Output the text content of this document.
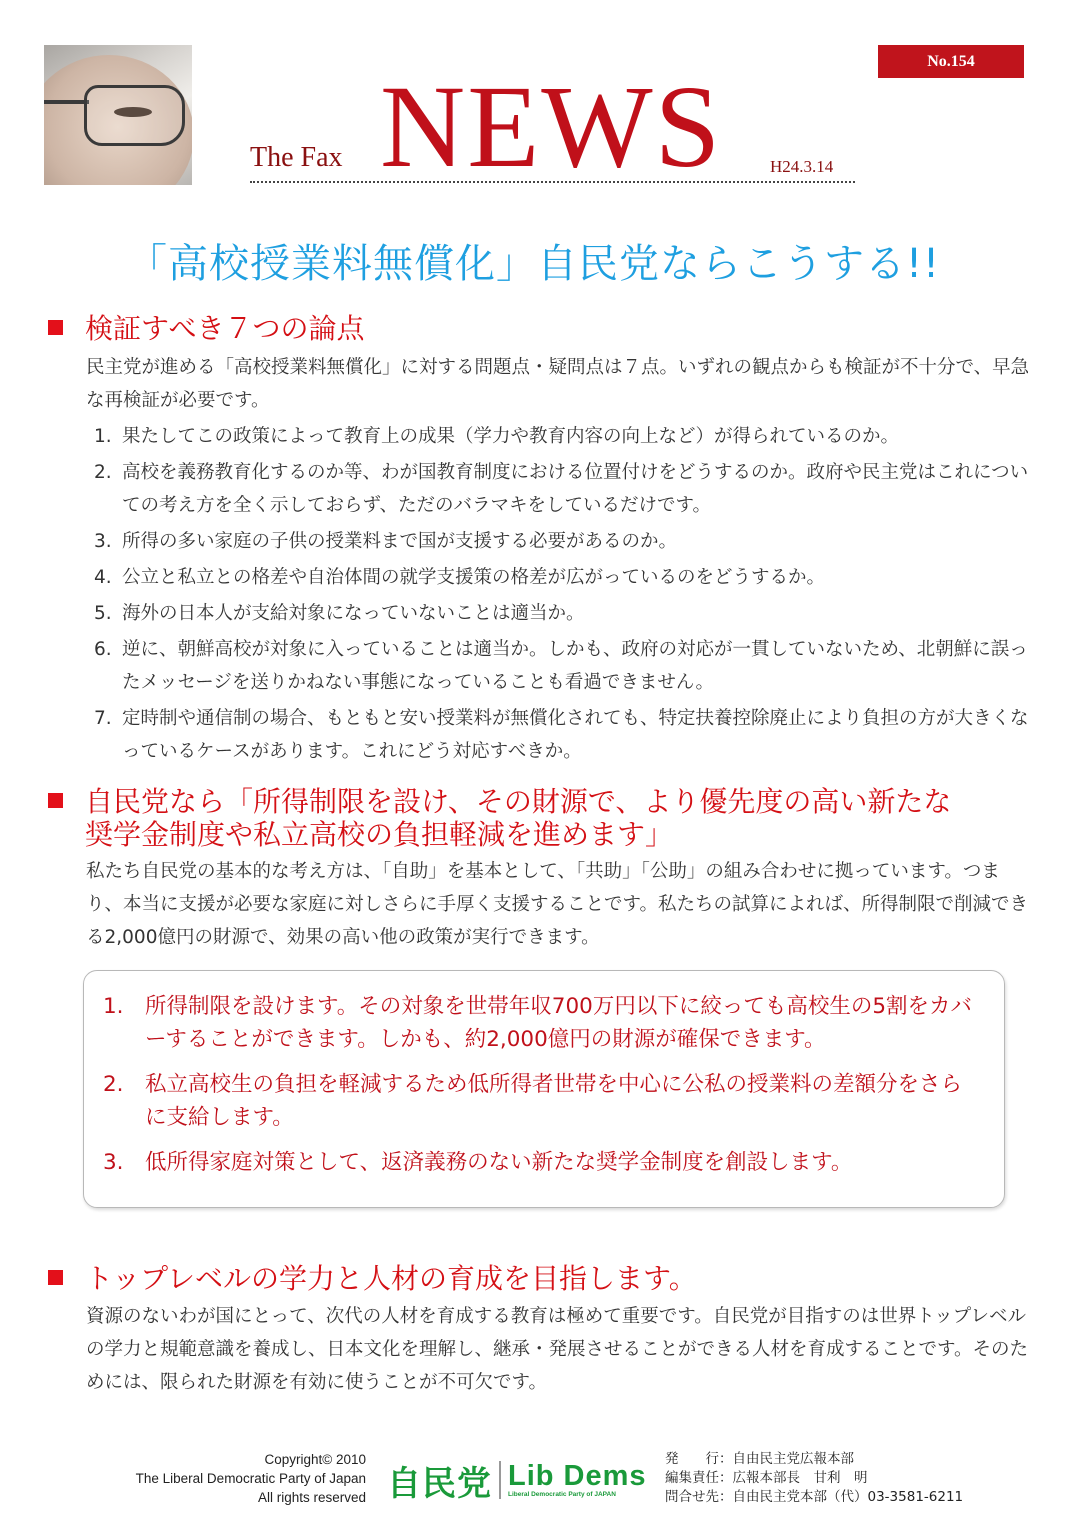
The Fax NEWS	H24.3.14
No.154
「高校授業料無償化」自民党ならこうする!!
検証すべき７つの論点
民主党が進める「高校授業料無償化」に対する問題点・疑問点は７点。いずれの観点からも検証が不十分で、早急な再検証が必要です。
1. 果たしてこの政策によって教育上の成果（学力や教育内容の向上など）が得られているのか。
2. 高校を義務教育化するのか等、わが国教育制度における位置付けをどうするのか。政府や民主党はこれについての考え方を全く示しておらず、ただのバラマキをしているだけです。
3. 所得の多い家庭の子供の授業料まで国が支援する必要があるのか。
4. 公立と私立との格差や自治体間の就学支援策の格差が広がっているのをどうするか。
5. 海外の日本人が支給対象になっていないことは適当か。
6. 逆に、朝鮮高校が対象に入っていることは適当か。しかも、政府の対応が一貫していないため、北朝鮮に誤ったメッセージを送りかねない事態になっていることも看過できません。
7. 定時制や通信制の場合、もともと安い授業料が無償化されても、特定扶養控除廃止により負担の方が大きくなっているケースがあります。これにどう対応すべきか。
自民党なら「所得制限を設け、その財源で、より優先度の高い新たな
奨学金制度や私立高校の負担軽減を進めます」
私たち自民党の基本的な考え方は、「自助」を基本として、「共助」「公助」の組み合わせに拠っています。つまり、本当に支援が必要な家庭に対しさらに手厚く支援することです。私たちの試算によれば、所得制限で削減できる2,000億円の財源で、効果の高い他の政策が実行できます。
1. 所得制限を設けます。その対象を世帯年収700万円以下に絞っても高校生の5割をカバーすることができます。しかも、約2,000億円の財源が確保できます。
2. 私立高校生の負担を軽減するため低所得者世帯を中心に公私の授業料の差額分をさらに支給します。
3. 低所得家庭対策として、返済義務のない新たな奨学金制度を創設します。
トップレベルの学力と人材の育成を目指します。
資源のないわが国にとって、次代の人材を育成する教育は極めて重要です。自民党が目指すのは世界トップレベルの学力と規範意識を養成し、日本文化を理解し、継承・発展させることができる人材を育成することです。そのためには、限られた財源を有効に使うことが不可欠です。
Copyright© 2010
The Liberal Democratic Party of Japan
All rights reserved 自民党 Lib Dems
Liberal Democratic Party of JAPAN
発　　行：自由民主党広報本部
編集責任：広報本部長　甘利　明
問合せ先：自由民主党本部（代）03-3581-6211
